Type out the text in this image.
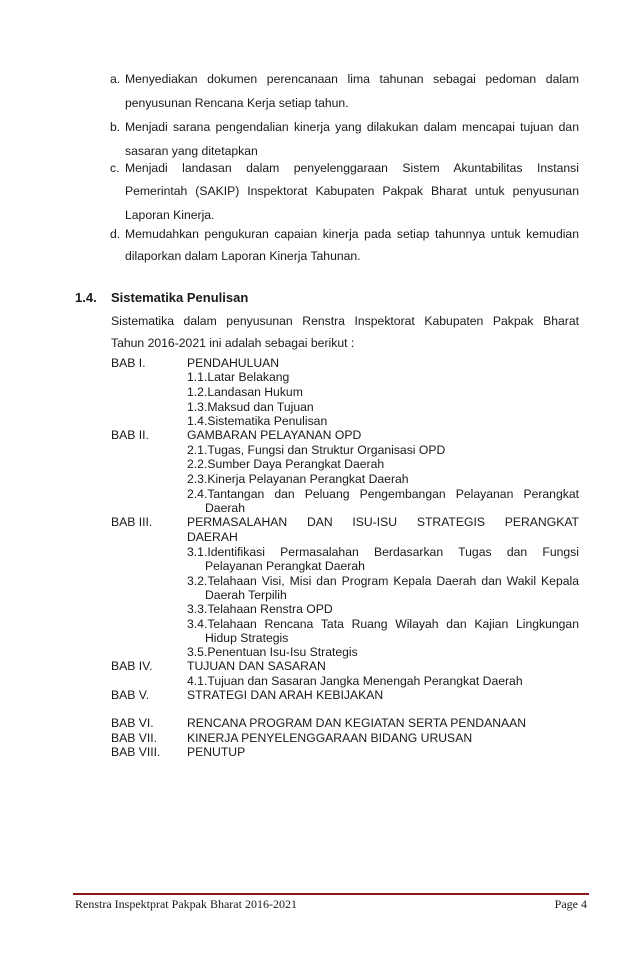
a. Menyediakan dokumen perencanaan lima tahunan sebagai pedoman dalam
penyusunan Rencana Kerja setiap tahun.
b. Menjadi sarana pengendalian kinerja yang dilakukan dalam mencapai tujuan dan
sasaran yang ditetapkan
c. Menjadi landasan dalam penyelenggaraan Sistem Akuntabilitas Instansi
Pemerintah (SAKIP) Inspektorat Kabupaten Pakpak Bharat untuk penyusunan
Laporan Kinerja.
d. Memudahkan pengukuran capaian kinerja pada setiap tahunnya untuk kemudian
dilaporkan dalam Laporan Kinerja Tahunan.
1.4. Sistematika Penulisan
Sistematika dalam penyusunan Renstra Inspektorat Kabupaten Pakpak Bharat
Tahun 2016-2021 ini adalah sebagai berikut :
BAB I.	PENDAHULUAN
1.1.Latar Belakang
1.2.Landasan Hukum
1.3.Maksud dan Tujuan
1.4.Sistematika Penulisan
BAB II.	GAMBARAN PELAYANAN OPD
2.1.Tugas, Fungsi dan Struktur Organisasi OPD
2.2.Sumber Daya Perangkat Daerah
2.3.Kinerja Pelayanan Perangkat Daerah
2.4.Tantangan dan Peluang Pengembangan Pelayanan Perangkat
Daerah
BAB III.	PERMASALAHAN DAN ISU-ISU STRATEGIS PERANGKAT
DAERAH
3.1.Identifikasi Permasalahan Berdasarkan Tugas dan Fungsi
Pelayanan Perangkat Daerah
3.2.Telahaan Visi, Misi dan Program Kepala Daerah dan Wakil Kepala
Daerah Terpilih
3.3.Telahaan Renstra OPD
3.4.Telahaan Rencana Tata Ruang Wilayah dan Kajian Lingkungan
Hidup Strategis
3.5.Penentuan Isu-Isu Strategis
BAB IV.	TUJUAN DAN SASARAN
4.1.Tujuan dan Sasaran Jangka Menengah Perangkat Daerah
BAB V.	STRATEGI DAN ARAH KEBIJAKAN
BAB VI.	RENCANA PROGRAM DAN KEGIATAN SERTA PENDANAAN
BAB VII. KINERJA PENYELENGGARAAN BIDANG URUSAN
BAB VIII. PENUTUP
Renstra Inspektprat Pakpak Bharat 2016-2021	Page 4
